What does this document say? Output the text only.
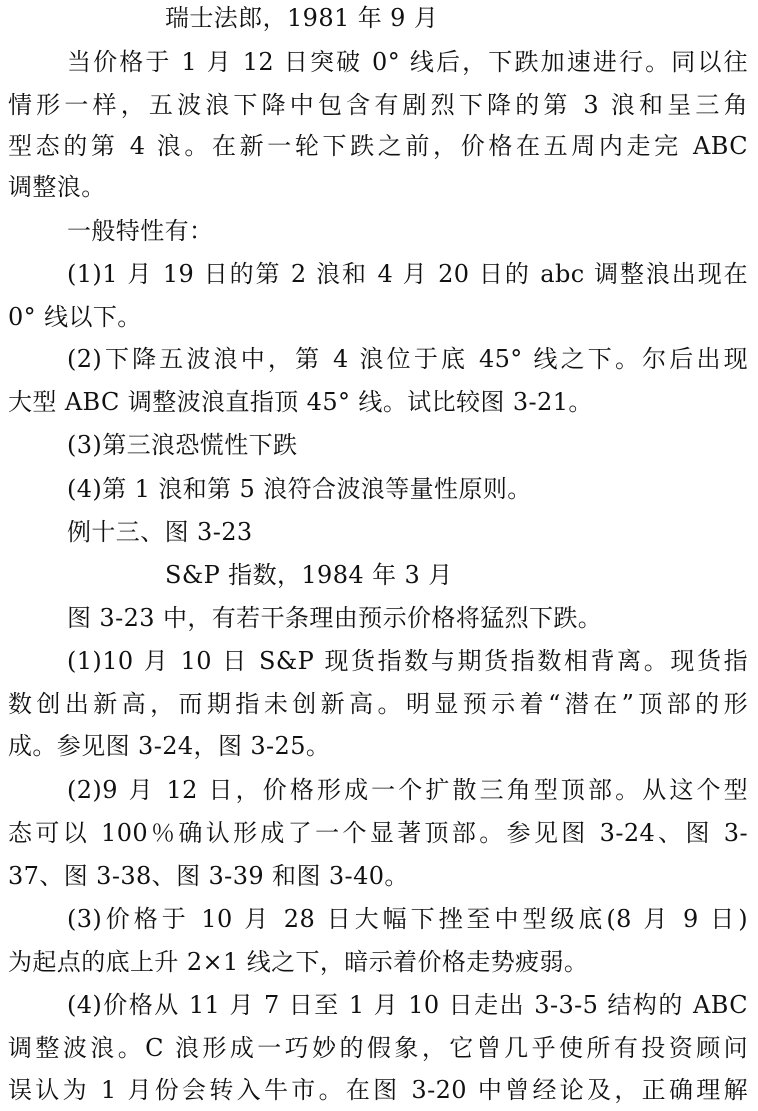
瑞士法郎，1981 年 9 月
当价格于 1 月 12 日突破 0° 线后，下跌加速进行。同以往
情形一样，五波浪下降中包含有剧烈下降的第 3 浪和呈三角
型态的第 4 浪。在新一轮下跌之前，价格在五周内走完 ABC
调整浪。
一般特性有：
(1)1 月 19 日的第 2 浪和 4 月 20 日的 abc 调整浪出现在
0° 线以下。
(2)下降五波浪中，第 4 浪位于底 45° 线之下。尔后出现
大型 ABC 调整波浪直指顶 45° 线。试比较图 3-21。
(3)第三浪恐慌性下跌
(4)第 1 浪和第 5 浪符合波浪等量性原则。
例十三、图 3-23
S&P 指数，1984 年 3 月
图 3-23 中，有若干条理由预示价格将猛烈下跌。
(1)10 月 10 日 S&P 现货指数与期货指数相背离。现货指
数创出新高，而期指未创新高。明显预示着“潜在”顶部的形
成。参见图 3-24，图 3-25。
(2)9 月 12 日，价格形成一个扩散三角型顶部。从这个型
态可以 100％确认形成了一个显著顶部。参见图 3-24、图 3-
37、图 3-38、图 3-39 和图 3-40。
(3)价格于 10 月 28 日大幅下挫至中型级底(8 月 9 日)
为起点的底上升 2×1 线之下，暗示着价格走势疲弱。
(4)价格从 11 月 7 日至 1 月 10 日走出 3-3-5 结构的 ABC
调整波浪。C 浪形成一巧妙的假象，它曾几乎使所有投资顾问
误认为 1 月份会转入牛市。在图 3-20 中曾经论及，正确理解
